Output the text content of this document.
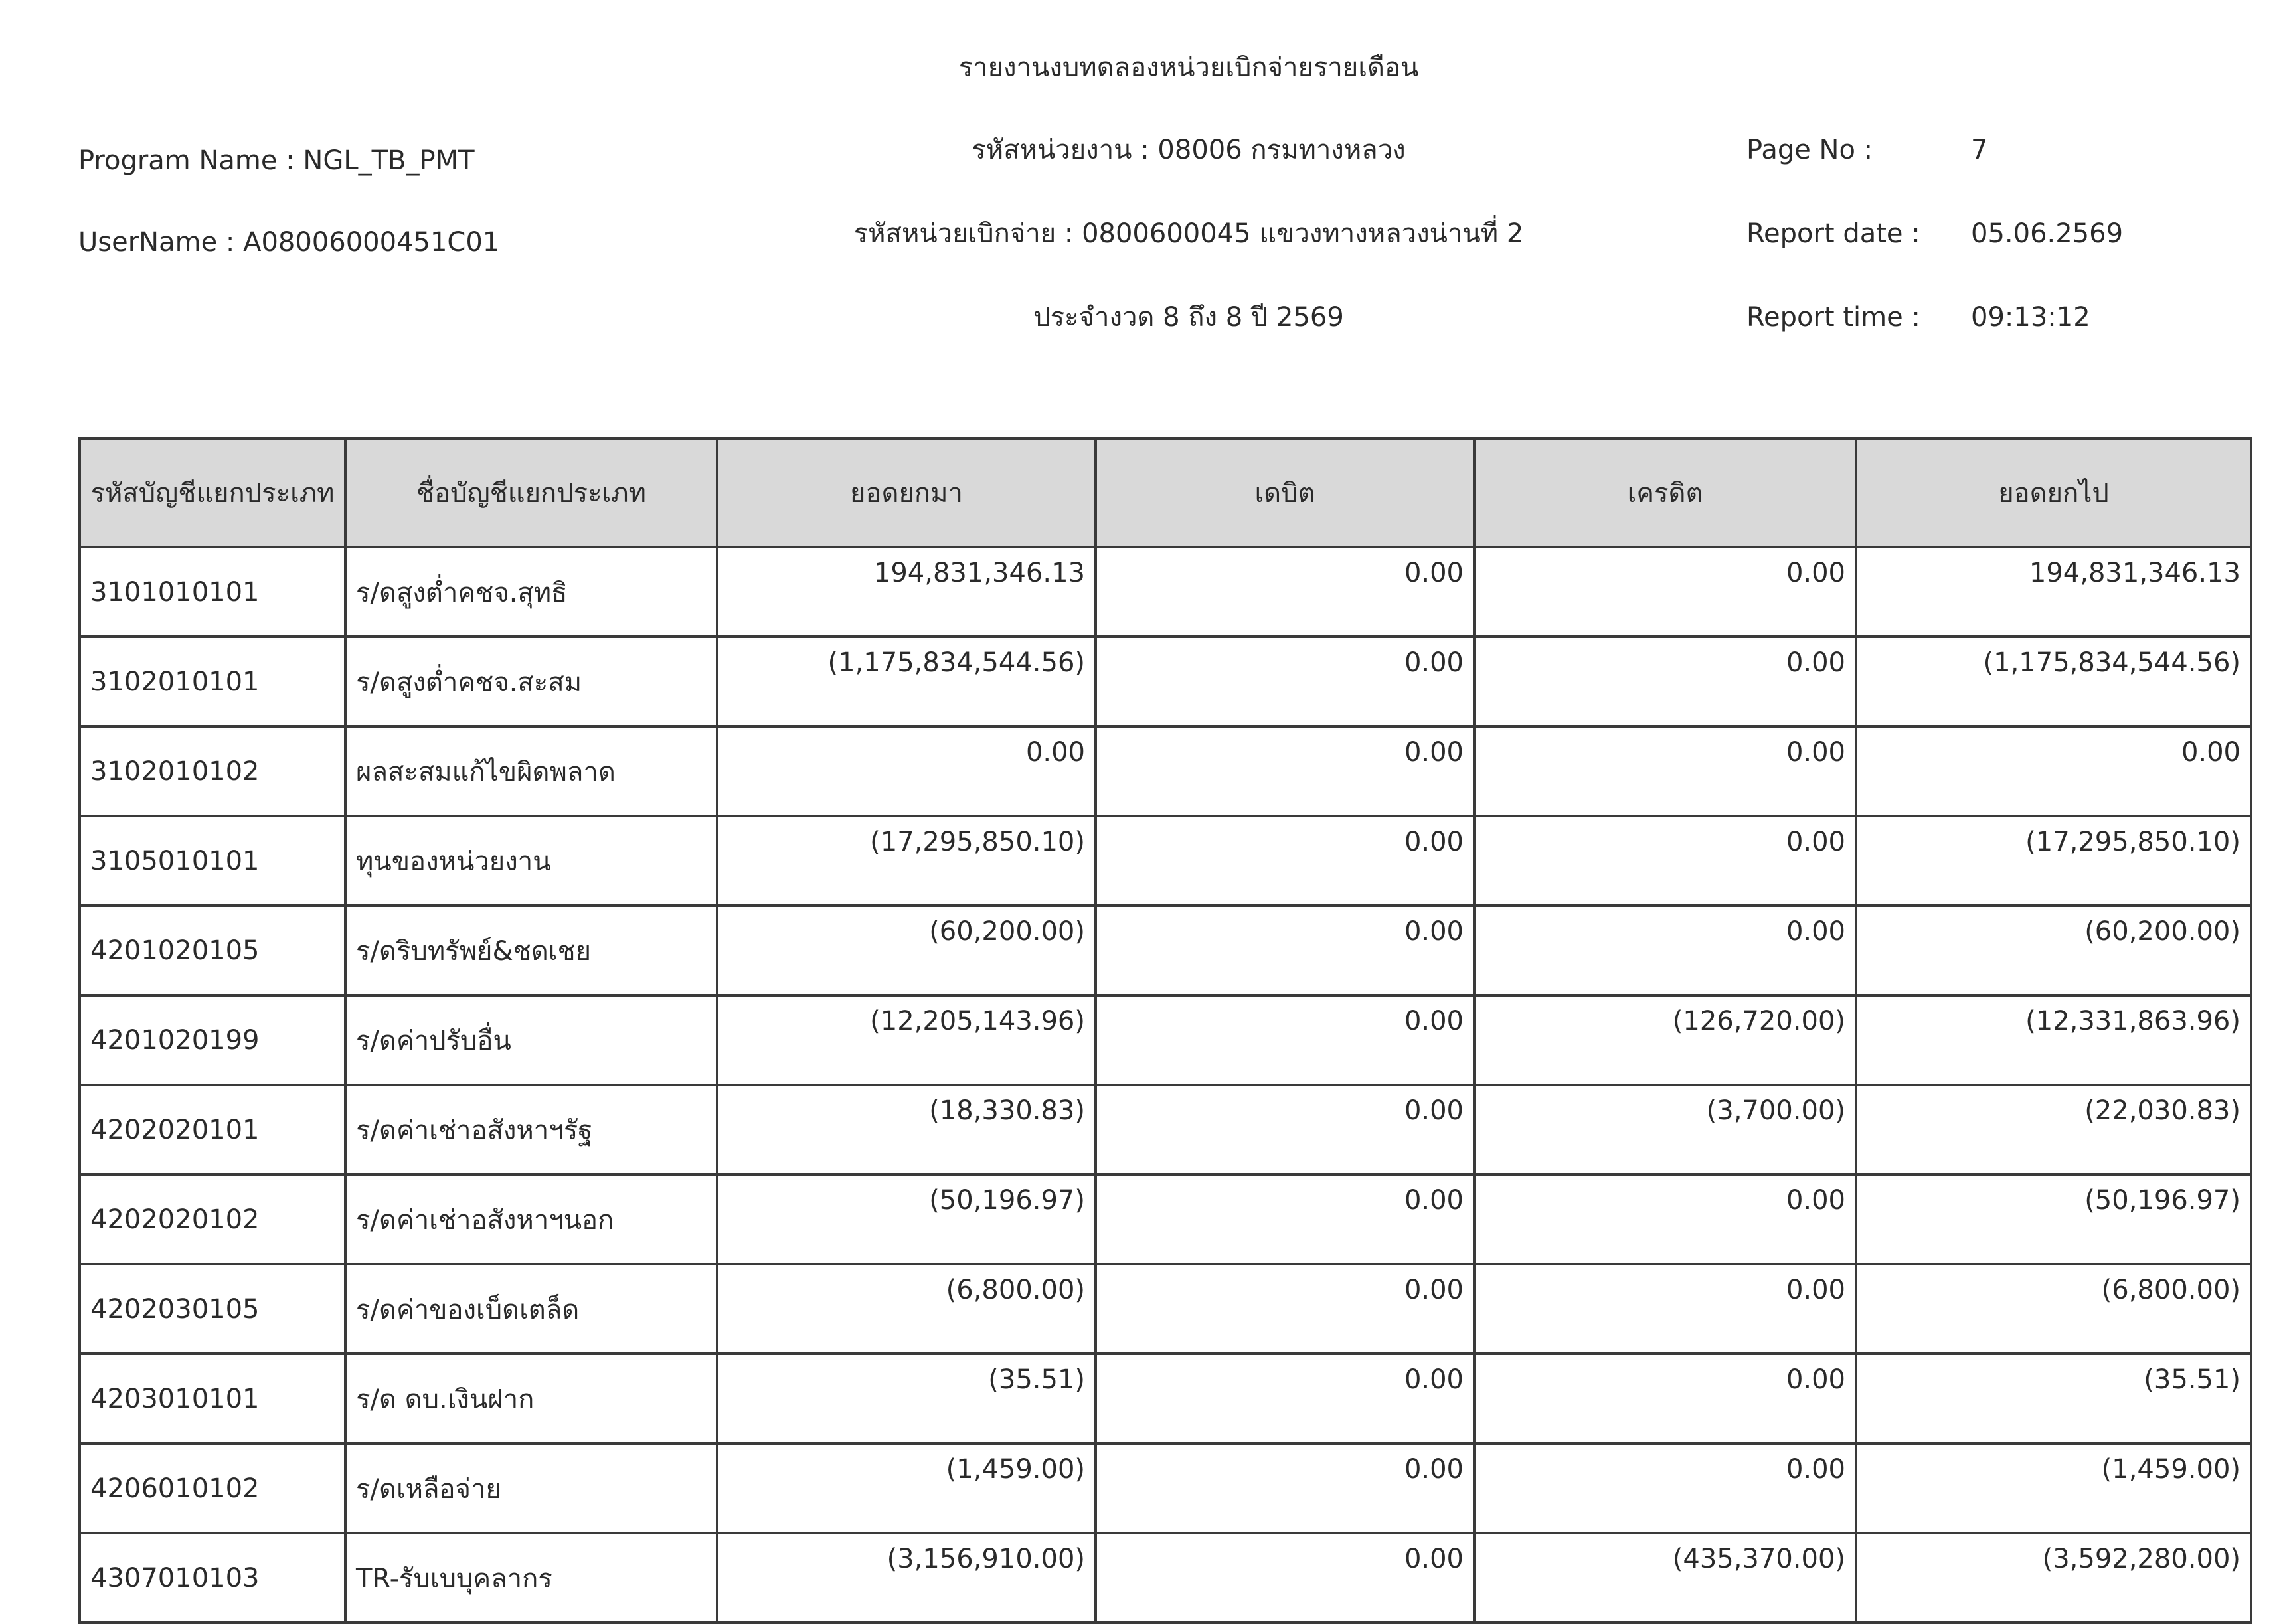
รายงานงบทดลองหน่วยเบิกจ่ายรายเดือน
Program Name : NGL_TB_PMT	รหัสหน่วยงาน : 08006 กรมทางหลวง	Page No :	7
UserName : A08006000451C01	รหัสหน่วยเบิกจ่าย : 0800600045 แขวงทางหลวงน่านที่ 2	Report date : 05.06.2569
ประจำงวด 8 ถึง 8 ปี 2569	Report time : 09:13:12
รหัสบัญชีแยกประเภท	ชื่อบัญชีแยกประเภท	ยอดยกมา	เดบิต	เครดิต	ยอดยกไป
3101010101	ร/ดสูงต่ำคชจ.สุทธิ	194,831,346.13	0.00	0.00	194,831,346.13
3102010101	ร/ดสูงต่ำคชจ.สะสม	(1,175,834,544.56)	0.00	0.00	(1,175,834,544.56)
3102010102	ผลสะสมแก้ไขผิดพลาด	0.00	0.00	0.00	0.00
3105010101	ทุนของหน่วยงาน	(17,295,850.10)	0.00	0.00	(17,295,850.10)
4201020105	ร/ดริบทรัพย์&ชดเชย	(60,200.00)	0.00	0.00	(60,200.00)
4201020199	ร/ดค่าปรับอื่น	(12,205,143.96)	0.00	(126,720.00)	(12,331,863.96)
4202020101	ร/ดค่าเช่าอสังหาฯรัฐ	(18,330.83)	0.00	(3,700.00)	(22,030.83)
4202020102	ร/ดค่าเช่าอสังหาฯนอก	(50,196.97)	0.00	0.00	(50,196.97)
4202030105	ร/ดค่าของเบ็ดเตล็ด	(6,800.00)	0.00	0.00	(6,800.00)
4203010101	ร/ด ดบ.เงินฝาก	(35.51)	0.00	0.00	(35.51)
4206010102	ร/ดเหลือจ่าย	(1,459.00)	0.00	0.00	(1,459.00)
4307010103	TR-รับเบบุคลากร	(3,156,910.00)	0.00	(435,370.00)	(3,592,280.00)
